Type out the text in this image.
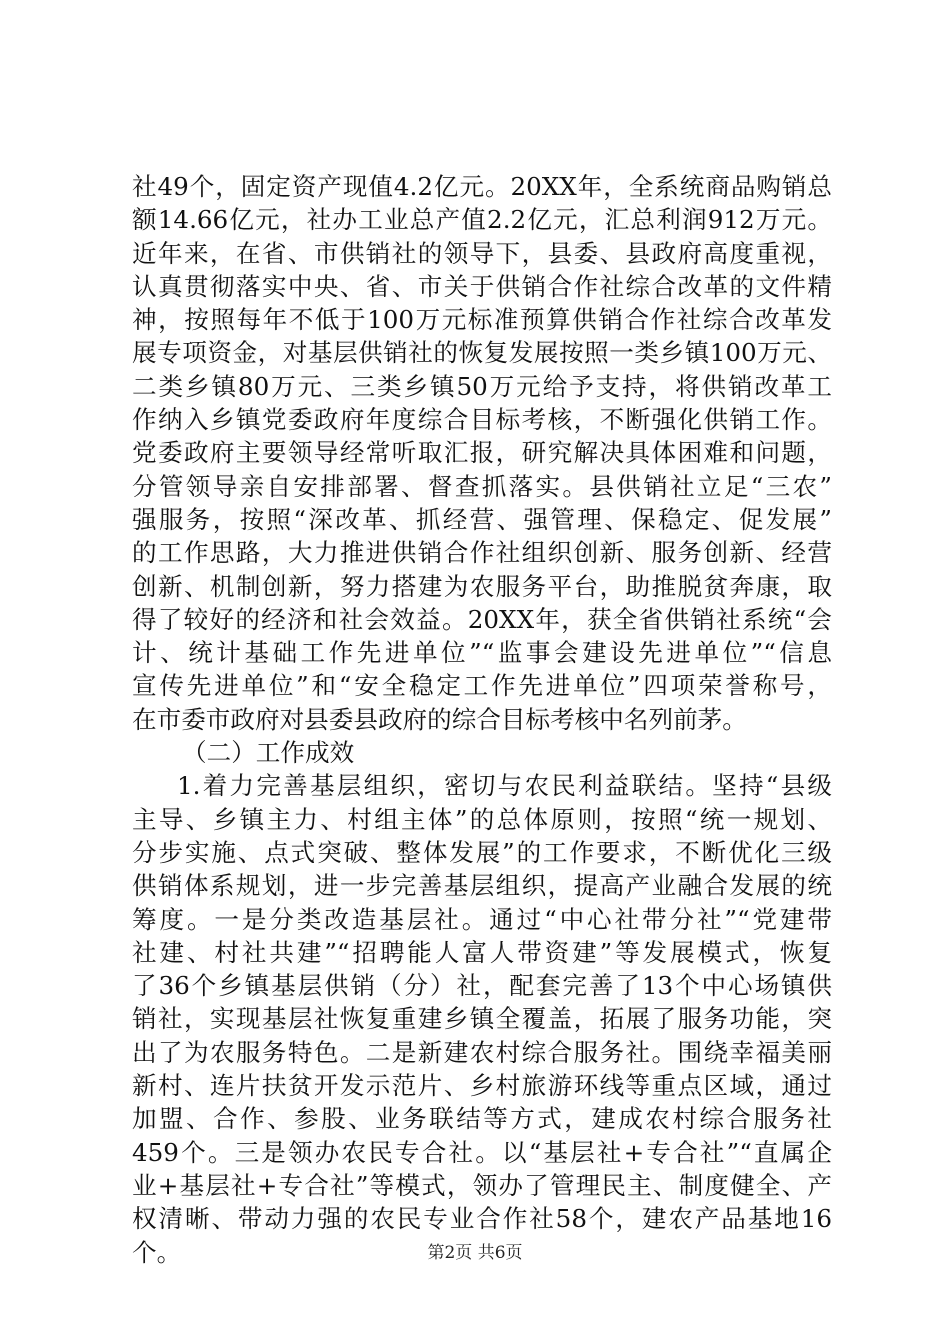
社49个，固定资产现值4.2亿元。20XX年，全系统商品购销总
额14.66亿元，社办工业总产值2.2亿元，汇总利润912万元。
近年来，在省、市供销社的领导下，县委、县政府高度重视，
认真贯彻落实中央、省、市关于供销合作社综合改革的文件精
神，按照每年不低于100万元标准预算供销合作社综合改革发
展专项资金，对基层供销社的恢复发展按照一类乡镇100万元、
二类乡镇80万元、三类乡镇50万元给予支持，将供销改革工
作纳入乡镇党委政府年度综合目标考核，不断强化供销工作。
党委政府主要领导经常听取汇报，研究解决具体困难和问题，
分管领导亲自安排部署、督查抓落实。县供销社立足“三农”
强服务，按照“深改革、抓经营、强管理、保稳定、促发展”
的工作思路，大力推进供销合作社组织创新、服务创新、经营
创新、机制创新，努力搭建为农服务平台，助推脱贫奔康，取
得了较好的经济和社会效益。20XX年，获全省供销社系统“会
计、统计基础工作先进单位”“监事会建设先进单位”“信息
宣传先进单位”和“安全稳定工作先进单位”四项荣誉称号，
在市委市政府对县委县政府的综合目标考核中名列前茅。
（二）工作成效
1.着力完善基层组织，密切与农民利益联结。坚持“县级
主导、乡镇主力、村组主体”的总体原则，按照“统一规划、
分步实施、点式突破、整体发展”的工作要求，不断优化三级
供销体系规划，进一步完善基层组织，提高产业融合发展的统
筹度。一是分类改造基层社。通过“中心社带分社”“党建带
社建、村社共建”“招聘能人富人带资建”等发展模式，恢复
了36个乡镇基层供销（分）社，配套完善了13个中心场镇供
销社，实现基层社恢复重建乡镇全覆盖，拓展了服务功能，突
出了为农服务特色。二是新建农村综合服务社。围绕幸福美丽
新村、连片扶贫开发示范片、乡村旅游环线等重点区域，通过
加盟、合作、参股、业务联结等方式，建成农村综合服务社
459个。三是领办农民专合社。以“基层社+专合社”“直属企
业+基层社+专合社”等模式，领办了管理民主、制度健全、产
权清晰、带动力强的农民专业合作社58个，建农产品基地16
个。	第2页 共6页
